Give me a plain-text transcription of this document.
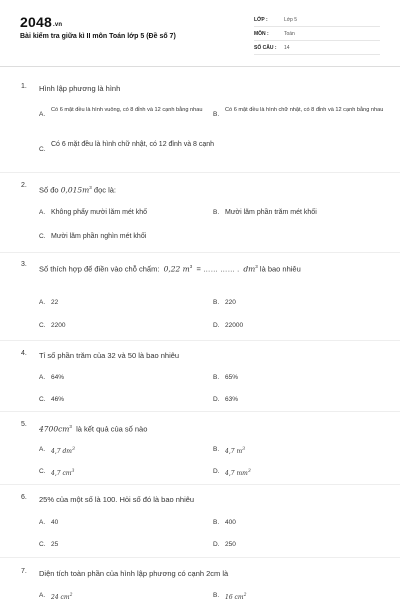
2048.vn
Bài kiểm tra giữa kì II môn Toán lớp 5 (Đề số 7)
LỚP :	Lớp 5
MÔN :	Toán
SỐ CÂU : 14
1. Hình lập phương là hình
A.
Có 6 mặt đều là hình vuông, có 8 đỉnh và 12 cạnh bằng nhau
B.
Có 6 mặt đều là hình chữ nhật, có 8 đỉnh và 12 cạnh bằng nhau
C.
Có 6 mặt đều là hình chữ nhật, có 12 đỉnh và 8 cạnh
2. Số đo $0,015m^3$ đọc là:
A. Không phẩy mười lăm mét khố	B. Mười lăm phần trăm mét khối
C. Mười lăm phần nghìn mét khối
3. Số thích hợp để điền vào chỗ chấm: 0,22 $m^3$ = …… …… . $dm^3$ là bao nhiêu
A. 22	B. 220
C. 2200	D. 22000
4. Tỉ số phần trăm của 32 và 50 là bao nhiêu
A. 64%	B. 65%
C. 46%	D. 63%
5. $4700cm^3$ là kết quả của số nào
A. 4,7 $dm^3$	B. 4,7 $m^3$
C. 4,7 $cm^3$	D. 4,7 $mm^3$
6. 25% của một số là 100. Hỏi số đó là bao nhiêu
A. 40	B. 400
C. 25	D. 250
7. Diện tích toàn phần của hình lập phương có cạnh 2cm là
A. 24 $cm^2$	B. 16 $cm^2$
